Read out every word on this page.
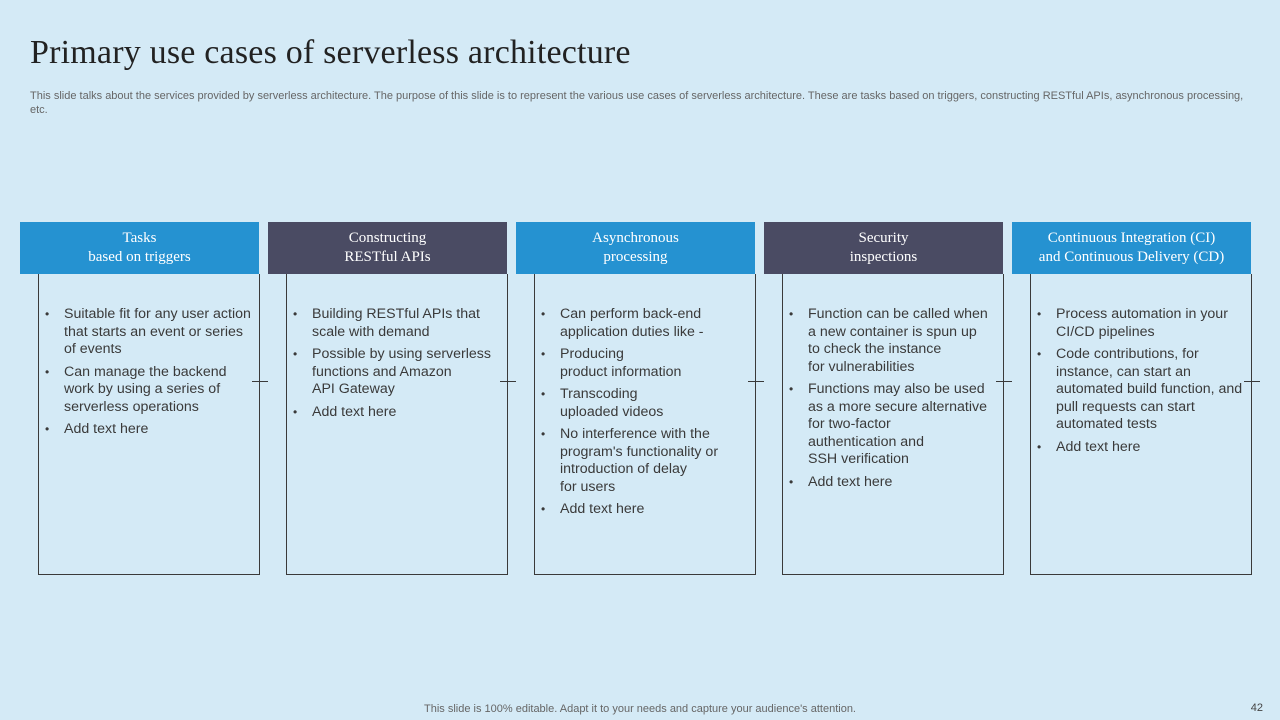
Primary use cases of serverless architecture
This slide talks about the services provided by serverless architecture. The purpose of this slide is to represent the various use cases of serverless architecture. These are tasks based on triggers, constructing RESTful APIs, asynchronous processing, etc.
Tasks
based on triggers
• Suitable fit for any user action that starts an event or series of events
• Can manage the backend work by using a series of serverless operations
• Add text here
Constructing
RESTful APIs
• Building RESTful APIs that scale with demand
• Possible by using serverless functions and Amazon
API Gateway
• Add text here
Asynchronous
processing
• Can perform back-end application duties like -
• Producing
product information
• Transcoding
uploaded videos
• No interference with the program's functionality or introduction of delay
for users
• Add text here
Security
inspections
• Function can be called when a new container is spun up
to check the instance
for vulnerabilities
• Functions may also be used as a more secure alternative for two-factor
authentication and
SSH verification
• Add text here
Continuous Integration (CI)
and Continuous Delivery (CD)
• Process automation in your CI/CD pipelines
• Code contributions, for instance, can start an automated build function, and pull requests can start automated tests
• Add text here
This slide is 100% editable. Adapt it to your needs and capture your audience's attention.	42
